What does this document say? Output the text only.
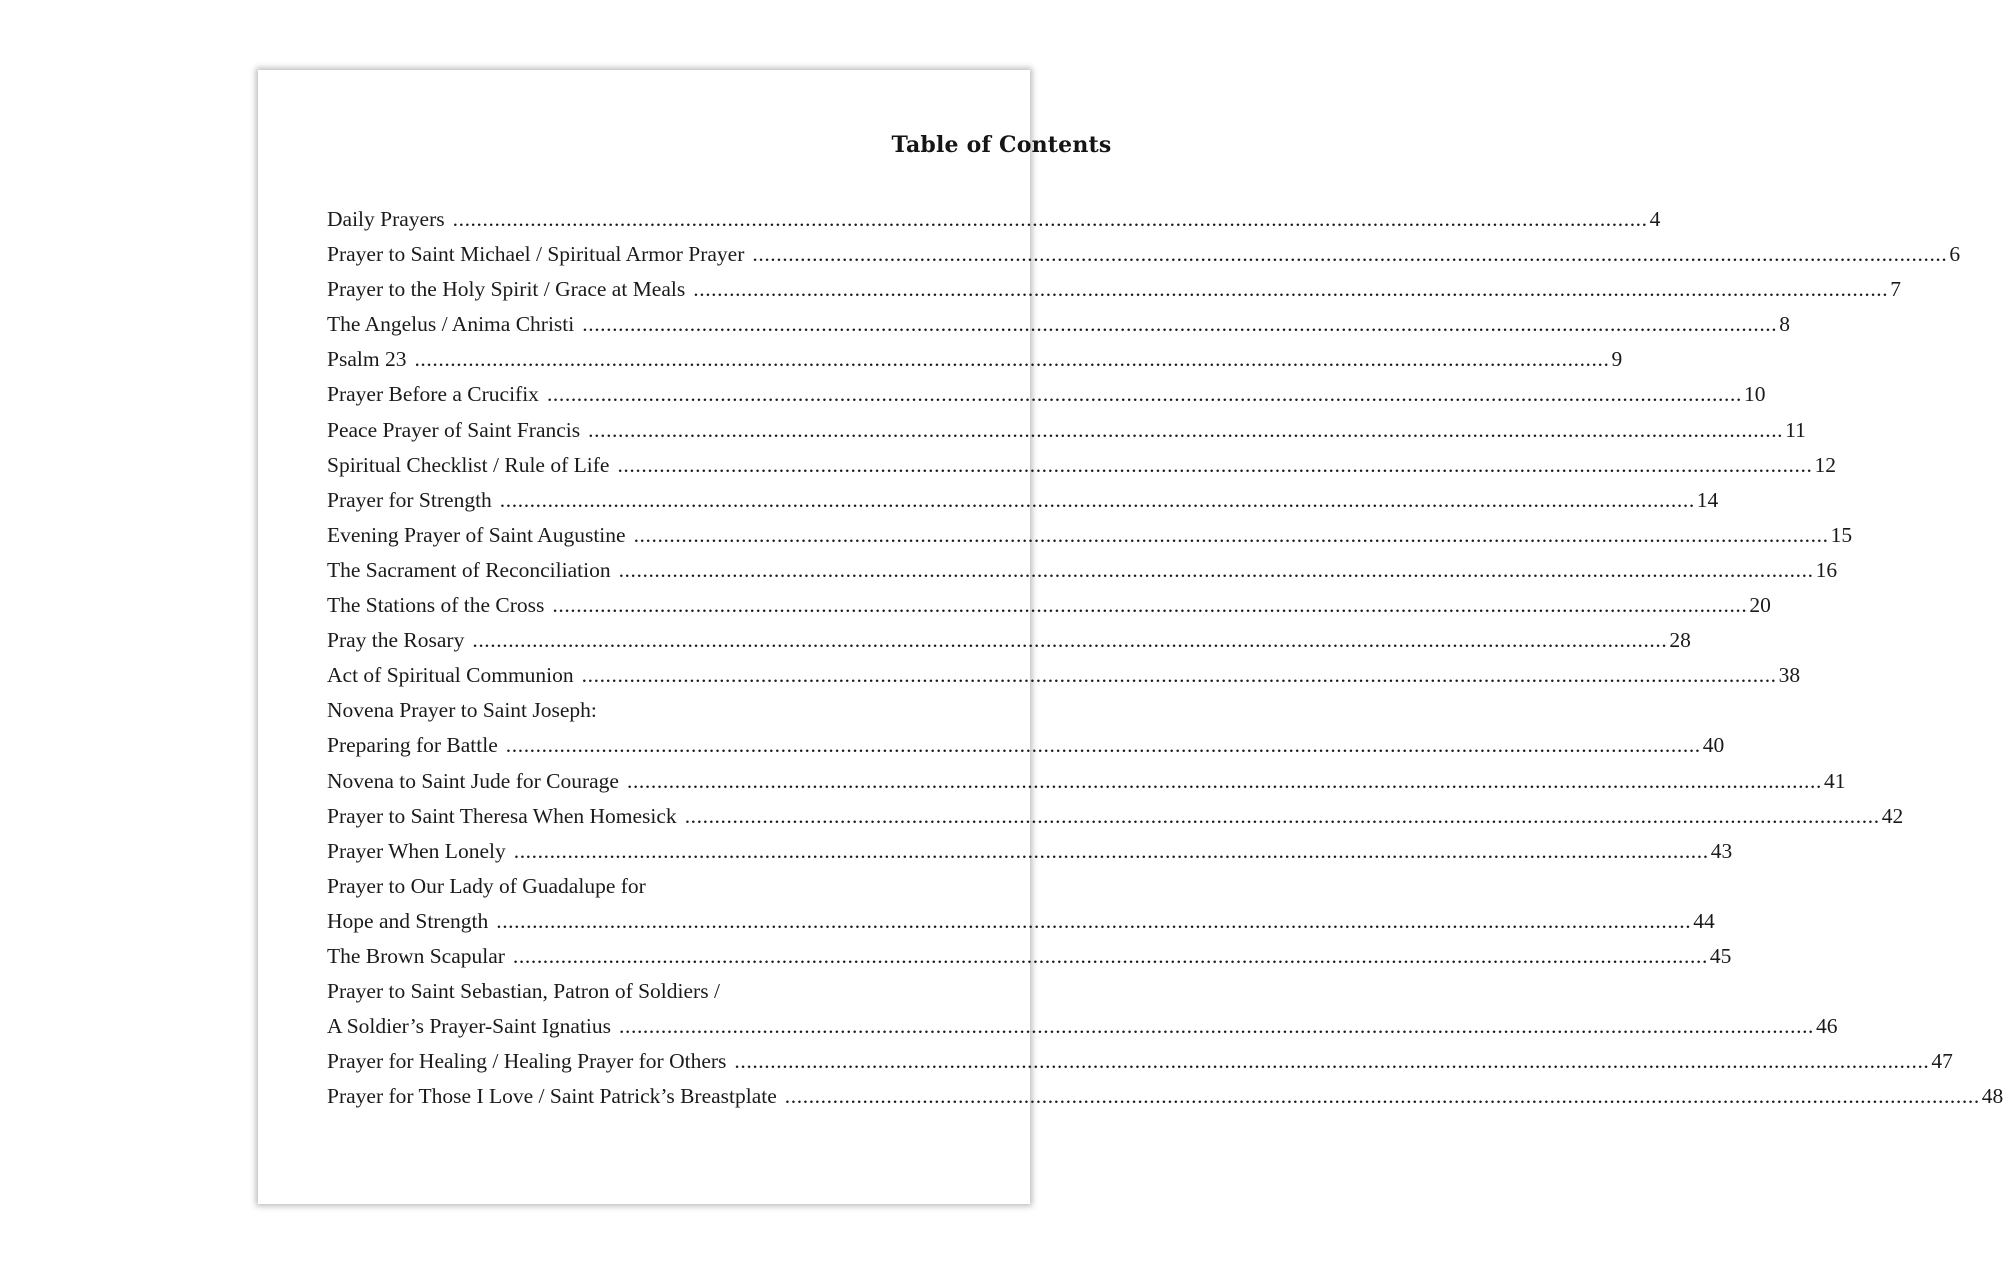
Table of Contents
Daily Prayers ........................................................................................................................................................................................................ 4
Prayer to Saint Michael / Spiritual Armor Prayer ........................................................................................................................................................................................................ 6
Prayer to the Holy Spirit / Grace at Meals ........................................................................................................................................................................................................ 7
The Angelus / Anima Christi ........................................................................................................................................................................................................ 8
Psalm 23 ........................................................................................................................................................................................................ 9
Prayer Before a Crucifix ........................................................................................................................................................................................................ 10
Peace Prayer of Saint Francis ........................................................................................................................................................................................................ 11
Spiritual Checklist / Rule of Life ........................................................................................................................................................................................................ 12
Prayer for Strength ........................................................................................................................................................................................................ 14
Evening Prayer of Saint Augustine ........................................................................................................................................................................................................ 15
The Sacrament of Reconciliation ........................................................................................................................................................................................................ 16
The Stations of the Cross ........................................................................................................................................................................................................ 20
Pray the Rosary ........................................................................................................................................................................................................ 28
Act of Spiritual Communion ........................................................................................................................................................................................................ 38
Novena Prayer to Saint Joseph:
Preparing for Battle ........................................................................................................................................................................................................ 40
Novena to Saint Jude for Courage ........................................................................................................................................................................................................ 41
Prayer to Saint Theresa When Homesick ........................................................................................................................................................................................................ 42
Prayer When Lonely ........................................................................................................................................................................................................ 43
Prayer to Our Lady of Guadalupe for
Hope and Strength ........................................................................................................................................................................................................ 44
The Brown Scapular ........................................................................................................................................................................................................ 45
Prayer to Saint Sebastian, Patron of Soldiers /
A Soldier’s Prayer-Saint Ignatius ........................................................................................................................................................................................................ 46
Prayer for Healing / Healing Prayer for Others ........................................................................................................................................................................................................ 47
Prayer for Those I Love / Saint Patrick’s Breastplate ........................................................................................................................................................................................................ 48
